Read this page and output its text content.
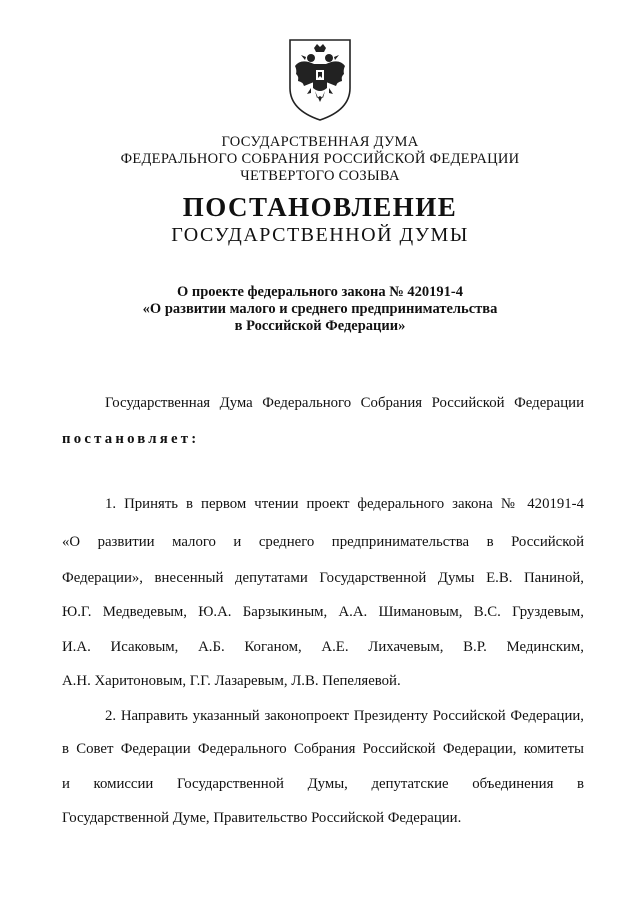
ГОСУДАРСТВЕННАЯ ДУМА
ФЕДЕРАЛЬНОГО СОБРАНИЯ РОССИЙСКОЙ ФЕДЕРАЦИИ
ЧЕТВЕРТОГО СОЗЫВА
ПОСТАНОВЛЕНИЕ
ГОСУДАРСТВЕННОЙ ДУМЫ
О проекте федерального закона № 420191-4
«О развитии малого и среднего предпринимательства
в Российской Федерации»
Государственная Дума Федерального Собрания Российской Федерации
постановляет:
1. Принять в первом чтении проект федерального закона № 420191-4
«О развитии малого и среднего предпринимательства в Российской
Федерации», внесенный депутатами Государственной Думы Е.В. Паниной,
Ю.Г. Медведевым, Ю.А. Барзыкиным, А.А. Шимановым, В.С. Груздевым,
И.А. Исаковым, А.Б. Коганом, А.Е. Лихачевым, В.Р. Мединским,
А.Н. Харитоновым, Г.Г. Лазаревым, Л.В. Пепеляевой.
2. Направить указанный законопроект Президенту Российской Федерации,
в Совет Федерации Федерального Собрания Российской Федерации, комитеты
и комиссии Государственной Думы, депутатские объединения в
Государственной Думе, Правительство Российской Федерации.
